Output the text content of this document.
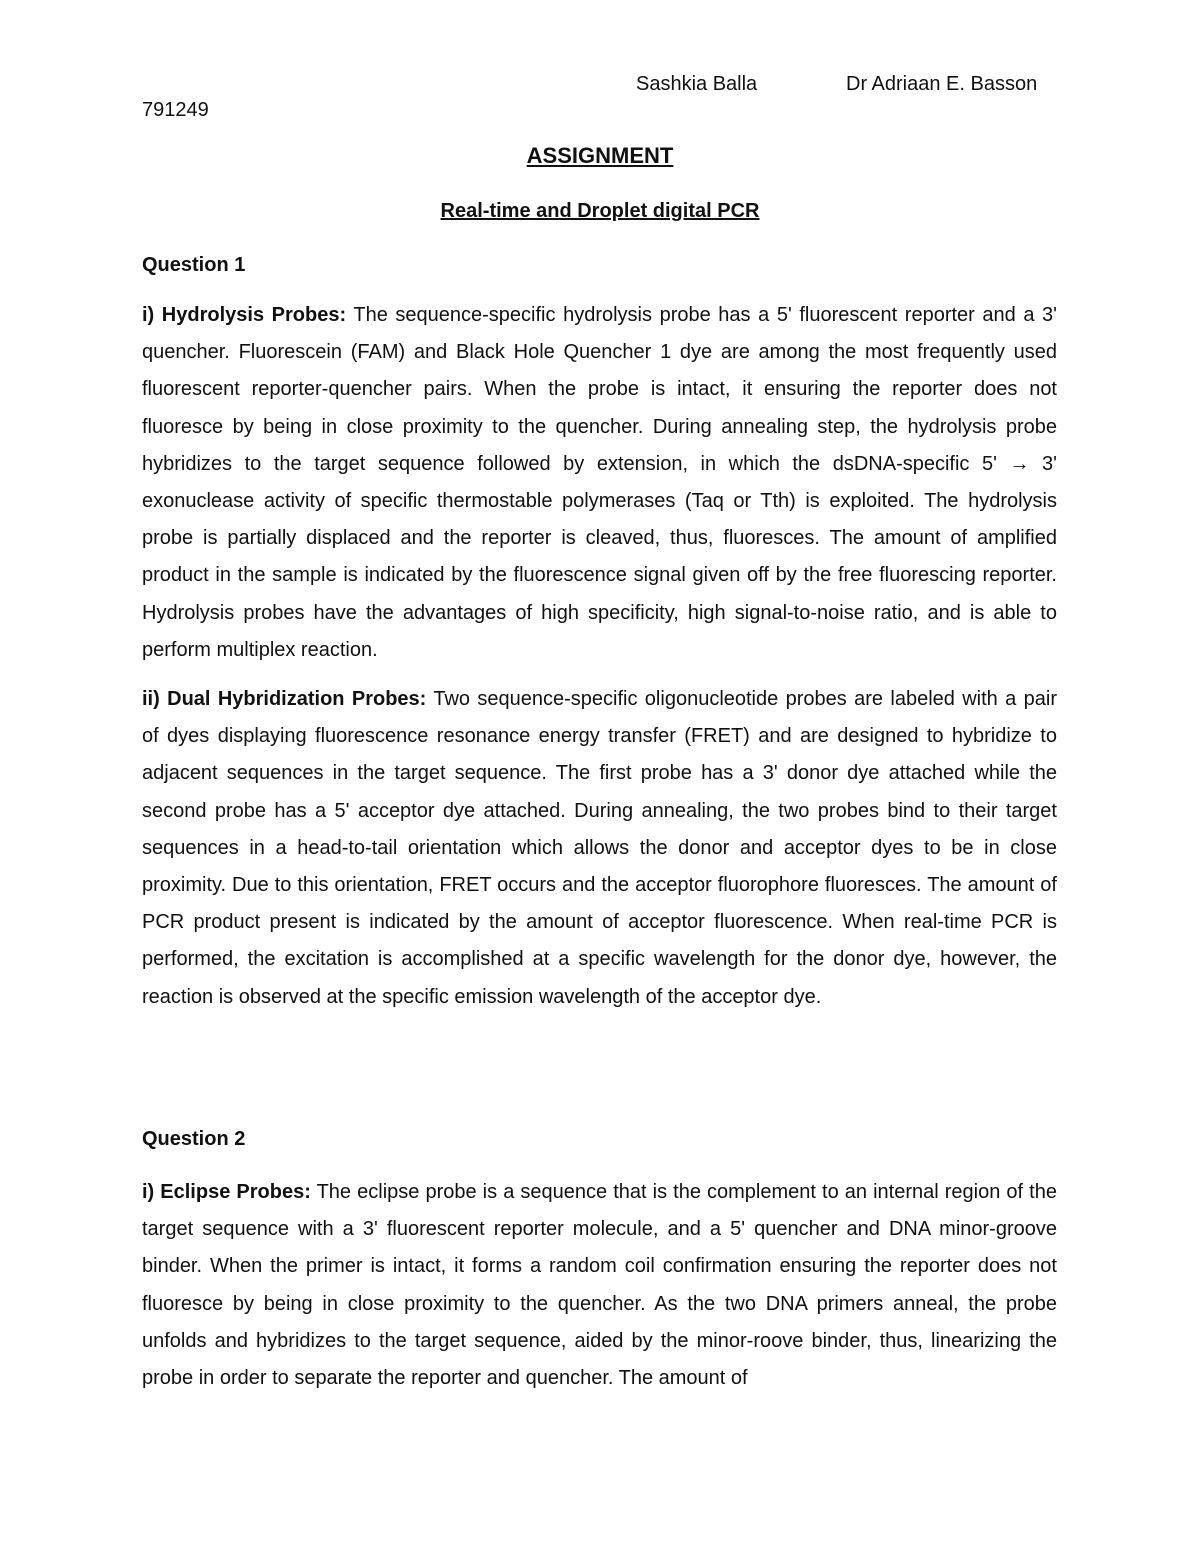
Sashkia Balla	Dr Adriaan E. Basson
791249
ASSIGNMENT
Real-time and Droplet digital PCR
Question 1

i) Hydrolysis Probes: The sequence-specific hydrolysis probe has a 5' fluorescent reporter and a 3' quencher. Fluorescein (FAM) and Black Hole Quencher 1 dye are among the most frequently used fluorescent reporter-quencher pairs. When the probe is intact, it ensuring the reporter does not fluoresce by being in close proximity to the quencher. During annealing step, the hydrolysis probe hybridizes to the target sequence followed by extension, in which the dsDNA-specific 5' → 3' exonuclease activity of specific thermostable polymerases (Taq or Tth) is exploited. The hydrolysis probe is partially displaced and the reporter is cleaved, thus, fluoresces. The amount of amplified product in the sample is indicated by the fluorescence signal given off by the free fluorescing reporter. Hydrolysis probes have the advantages of high specificity, high signal-to-noise ratio, and is able to perform multiplex reaction.

ii) Dual Hybridization Probes: Two sequence-specific oligonucleotide probes are labeled with a pair of dyes displaying fluorescence resonance energy transfer (FRET) and are designed to hybridize to adjacent sequences in the target sequence. The first probe has a 3' donor dye attached while the second probe has a 5' acceptor dye attached. During annealing, the two probes bind to their target sequences in a head-to-tail orientation which allows the donor and acceptor dyes to be in close proximity. Due to this orientation, FRET occurs and the acceptor fluorophore fluoresces. The amount of PCR product present is indicated by the amount of acceptor fluorescence. When real-time PCR is performed, the excitation is accomplished at a specific wavelength for the donor dye, however, the reaction is observed at the specific emission wavelength of the acceptor dye.

Question 2

i) Eclipse Probes: The eclipse probe is a sequence that is the complement to an internal region of the target sequence with a 3' fluorescent reporter molecule, and a 5' quencher and DNA minor-groove binder. When the primer is intact, it forms a random coil confirmation ensuring the reporter does not fluoresce by being in close proximity to the quencher. As the two DNA primers anneal, the probe unfolds and hybridizes to the target sequence, aided by the minor-roove binder, thus, linearizing the probe in order to separate the reporter and quencher. The amount of
